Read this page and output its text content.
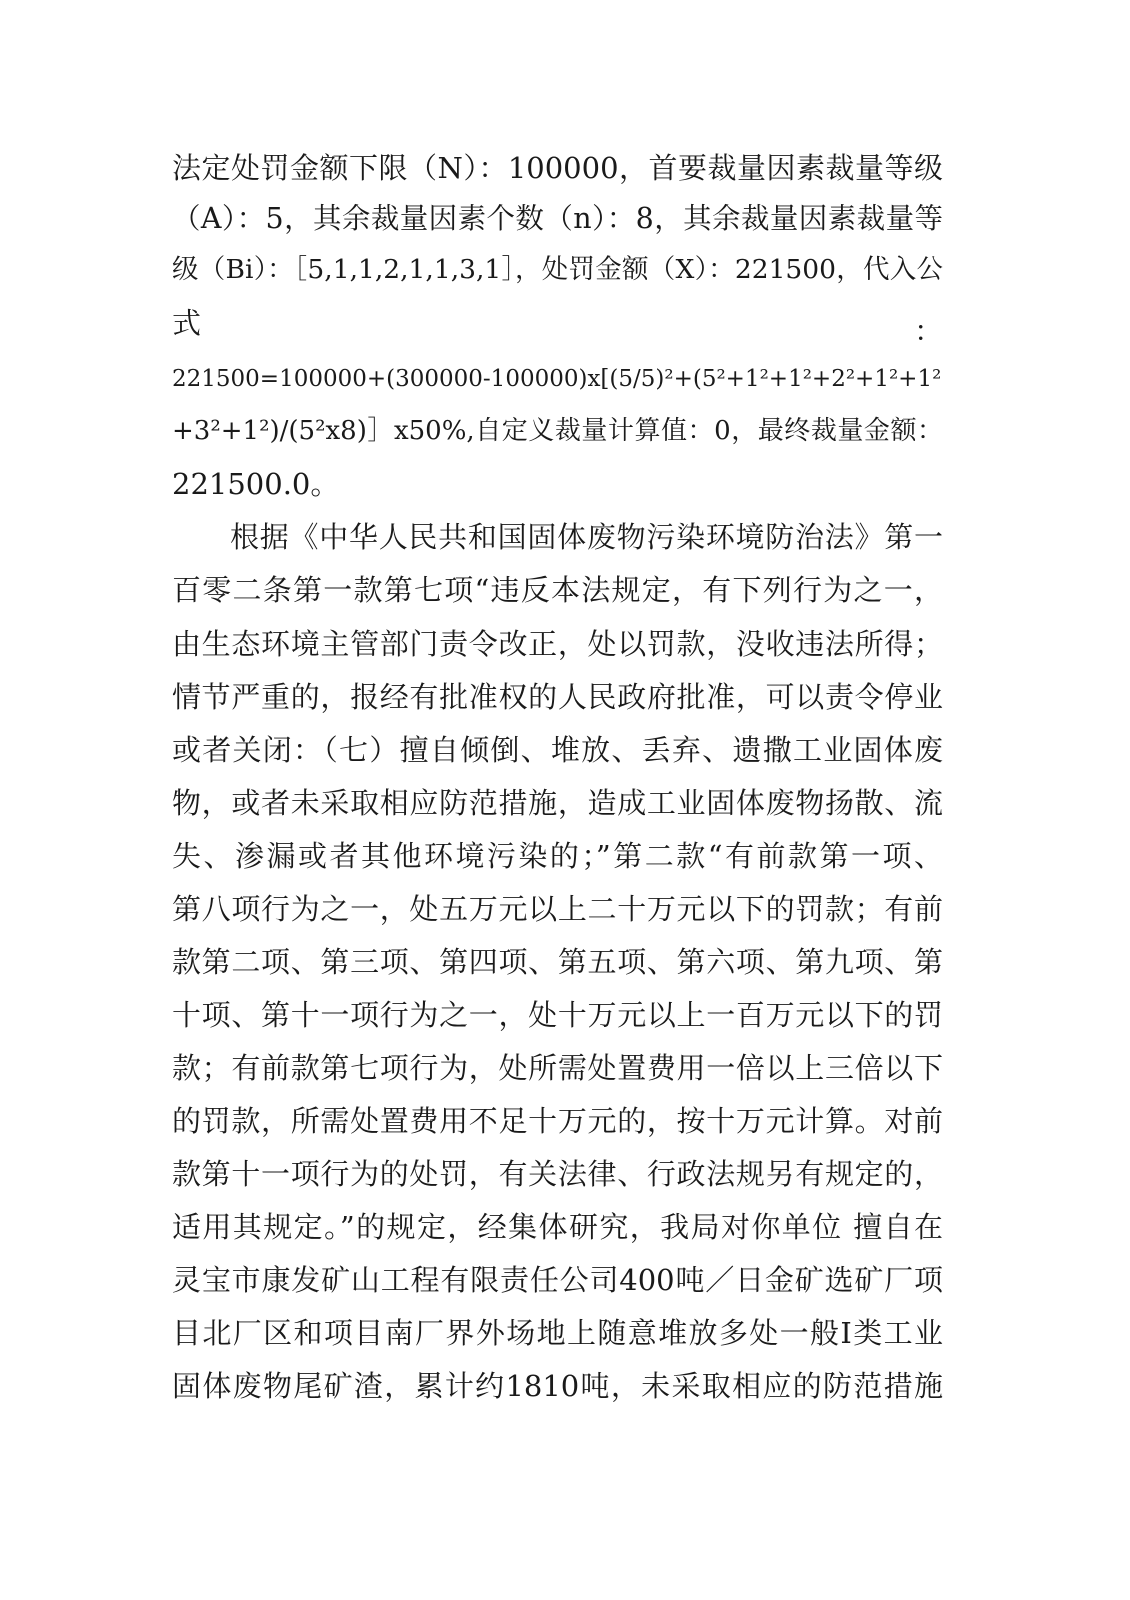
法定处罚金额下限（N）：100000，首要裁量因素裁量等级
（A）：5，其余裁量因素个数（n）：8，其余裁量因素裁量等
级（Bi）：［5,1,1,2,1,1,3,1］，处罚金额（X）：221500，代入公
式	：
221500=100000+(300000-100000)x[(5/5)²+(5²+1²+1²+2²+1²+1²
+3²+1²)/(5²x8)］x50%,自定义裁量计算值：0，最终裁量金额：
221500.0。
根据《中华人民共和国固体废物污染环境防治法》第一
百零二条第一款第七项“违反本法规定，有下列行为之一，
由生态环境主管部门责令改正，处以罚款，没收违法所得；
情节严重的，报经有批准权的人民政府批准，可以责令停业
或者关闭：（七）擅自倾倒、堆放、丢弃、遗撒工业固体废
物，或者未采取相应防范措施，造成工业固体废物扬散、流
失、渗漏或者其他环境污染的；”第二款“有前款第一项、
第八项行为之一，处五万元以上二十万元以下的罚款；有前
款第二项、第三项、第四项、第五项、第六项、第九项、第
十项、第十一项行为之一，处十万元以上一百万元以下的罚
款；有前款第七项行为，处所需处置费用一倍以上三倍以下
的罚款，所需处置费用不足十万元的，按十万元计算。对前
款第十一项行为的处罚，有关法律、行政法规另有规定的，
适用其规定。”的规定，经集体研究，我局对你单位 擅自在
灵宝市康发矿山工程有限责任公司400吨／日金矿选矿厂项
目北厂区和项目南厂界外场地上随意堆放多处一般Ⅰ类工业
固体废物尾矿渣，累计约1810吨，未采取相应的防范措施
